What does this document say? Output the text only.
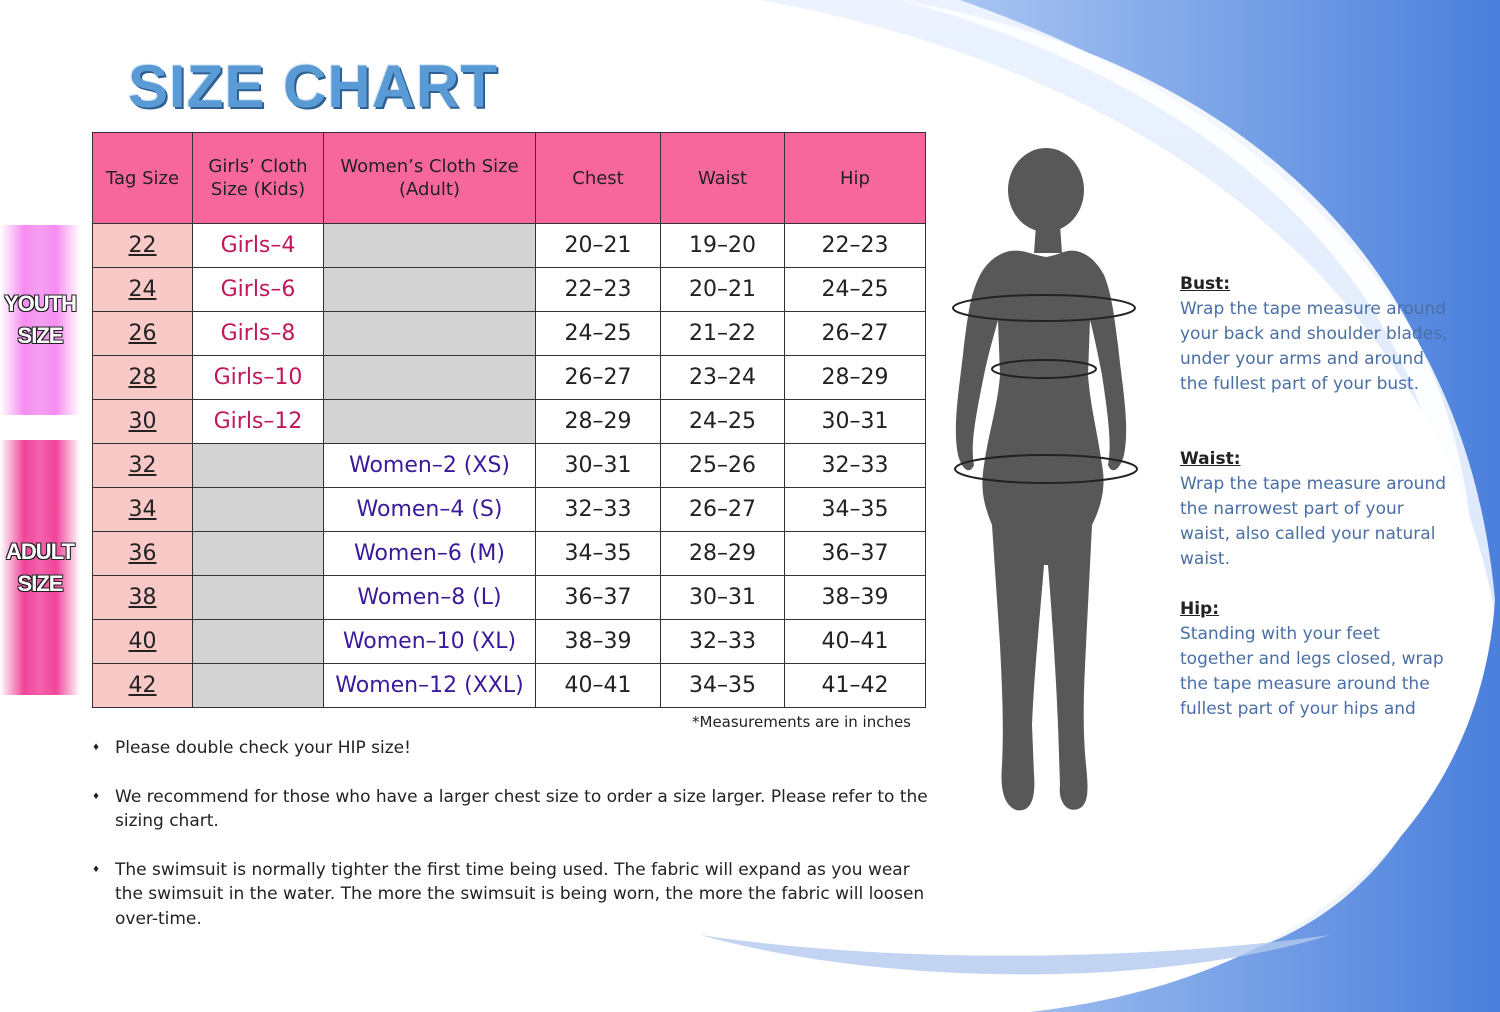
SIZE CHART
YOUTH
SIZE
ADULT
SIZE
Tag Size	Girls’ Cloth Size (Kids)	Women’s Cloth Size (Adult)	Chest	Waist	Hip
22	Girls–4		20–21	19–20	22–23
24	Girls–6		22–23	20–21	24–25
26	Girls–8		24–25	21–22	26–27
28	Girls–10		26–27	23–24	28–29
30	Girls–12		28–29	24–25	30–31
32		Women–2 (XS)	30–31	25–26	32–33
34		Women–4 (S)	32–33	26–27	34–35
36		Women–6 (M)	34–35	28–29	36–37
38		Women–8 (L)	36–37	30–31	38–39
40		Women–10 (XL)	38–39	32–33	40–41
42		Women–12 (XXL)	40–41	34–35	41–42
*Measurements are in inches
♦ Please double check your HIP size!
♦ We recommend for those who have a larger chest size to order a size larger. Please refer to the sizing chart.
♦ The swimsuit is normally tighter the first time being used. The fabric will expand as you wear the swimsuit in the water. The more the swimsuit is being worn, the more the fabric will loosen over-time.
Bust:

Wrap the tape measure around your back and shoulder blades, under your arms and around the fullest part of your bust.

Waist:

Wrap the tape measure around the narrowest part of your waist, also called your natural waist.

Hip:

Standing with your feet together and legs closed, wrap the tape measure around the fullest part of your hips and
